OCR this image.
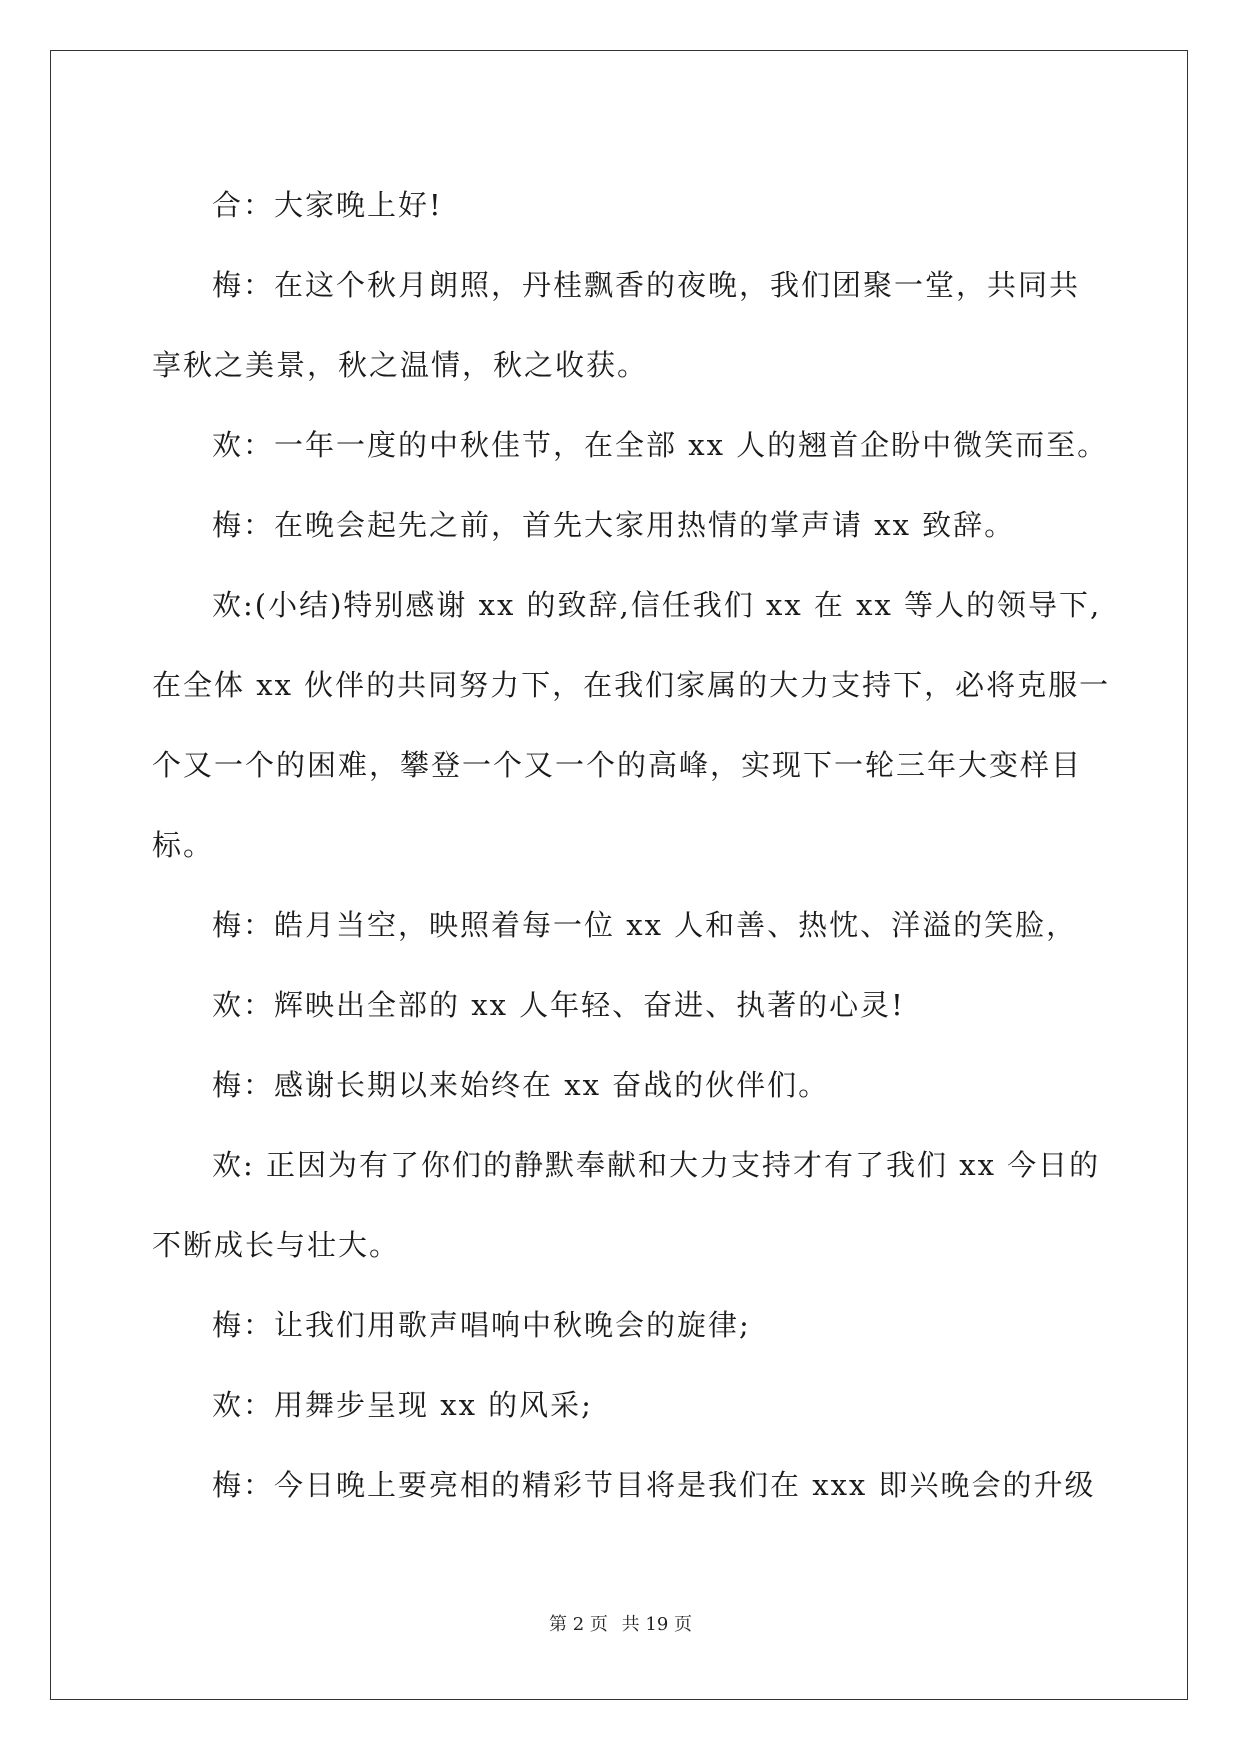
合：大家晚上好!
梅：在这个秋月朗照，丹桂飘香的夜晚，我们团聚一堂，共同共
享秋之美景，秋之温情，秋之收获。
欢：一年一度的中秋佳节，在全部 xx 人的翘首企盼中微笑而至。
梅：在晚会起先之前，首先大家用热情的掌声请 xx 致辞。
欢:(小结)特别感谢 xx 的致辞,信任我们 xx 在 xx 等人的领导下,
在全体 xx 伙伴的共同努力下，在我们家属的大力支持下，必将克服一
个又一个的困难，攀登一个又一个的高峰，实现下一轮三年大变样目
标。
梅：皓月当空，映照着每一位 xx 人和善、热忱、洋溢的笑脸，
欢：辉映出全部的 xx 人年轻、奋进、执著的心灵!
梅：感谢长期以来始终在 xx 奋战的伙伴们。
欢: 正因为有了你们的静默奉献和大力支持才有了我们 xx 今日的
不断成长与壮大。
梅：让我们用歌声唱响中秋晚会的旋律;
欢：用舞步呈现 xx 的风采;
梅：今日晚上要亮相的精彩节目将是我们在 xxx 即兴晚会的升级
第 2 页 共 19 页
